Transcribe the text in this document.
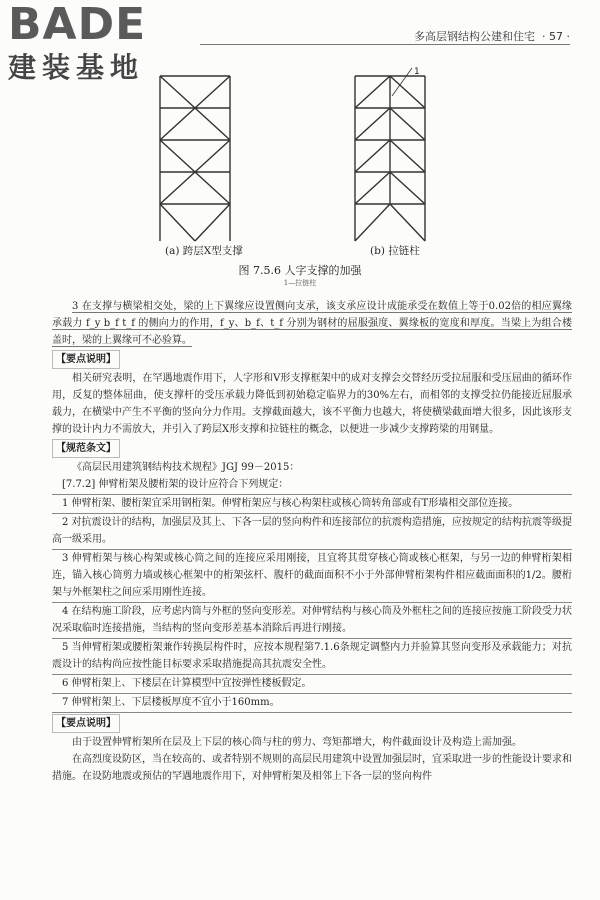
BADE
建装基地
多高层钢结构公建和住宅 · 57 ·
1
(a) 跨层X型支撑	(b) 拉链柱
图 7.5.6 人字支撑的加强
1—拉链柱

3 在支撑与横梁相交处，梁的上下翼缘应设置侧向支承，该支承应设计成能承受在数值上等于0.02倍的相应翼缘承载力 f_y b_f t_f 的侧向力的作用，f_y、b_f、t_f 分别为钢材的屈服强度、翼缘板的宽度和厚度。当梁上为组合楼盖时，梁的上翼缘可不必验算。

【要点说明】

相关研究表明，在罕遇地震作用下，人字形和V形支撑框架中的成对支撑会交替经历受拉屈服和受压屈曲的循环作用，反复的整体屈曲，使支撑杆的受压承载力降低到初始稳定临界力的30%左右，而相邻的支撑受拉仍能接近屈服承载力，在横梁中产生不平衡的竖向分力作用。支撑截面越大，该不平衡力也越大，将使横梁截面增大很多，因此该形支撑的设计内力不需放大，并引入了跨层X形支撑和拉链柱的概念，以便进一步减少支撑跨梁的用钢量。

【规范条文】

《高层民用建筑钢结构技术规程》JGJ 99－2015：

[7.7.2] 伸臂桁架及腰桁架的设计应符合下列规定：

1 伸臂桁架、腰桁架宜采用钢桁架。伸臂桁架应与核心构架柱或核心筒转角部或有T形墙相交部位连接。

2 对抗震设计的结构，加强层及其上、下各一层的竖向构件和连接部位的抗震构造措施，应按规定的结构抗震等级提高一级采用。

3 伸臂桁架与核心构架或核心筒之间的连接应采用刚接，且宜将其贯穿核心筒或核心框架，与另一边的伸臂桁架相连，锚入核心筒剪力墙或核心框架中的桁架弦杆、腹杆的截面面积不小于外部伸臂桁架构件相应截面面积的1/2。腰桁架与外框架柱之间应采用刚性连接。

4 在结构施工阶段，应考虑内筒与外框的竖向变形差。对伸臂结构与核心筒及外框柱之间的连接应按施工阶段受力状况采取临时连接措施，当结构的竖向变形差基本消除后再进行刚接。

5 当伸臂桁架或腰桁架兼作转换层构件时，应按本规程第7.1.6条规定调整内力并验算其竖向变形及承载能力；对抗震设计的结构尚应按性能目标要求采取措施提高其抗震安全性。

6 伸臂桁架上、下楼层在计算模型中宜按弹性楼板假定。

7 伸臂桁架上、下层楼板厚度不宜小于160mm。

【要点说明】

由于设置伸臂桁架所在层及上下层的核心筒与柱的剪力、弯矩都增大，构件截面设计及构造上需加强。

在高烈度设防区，当在较高的、或者特别不规则的高层民用建筑中设置加强层时，宜采取进一步的性能设计要求和措施。在设防地震或预估的罕遇地震作用下，对伸臂桁架及相邻上下各一层的竖向构件
